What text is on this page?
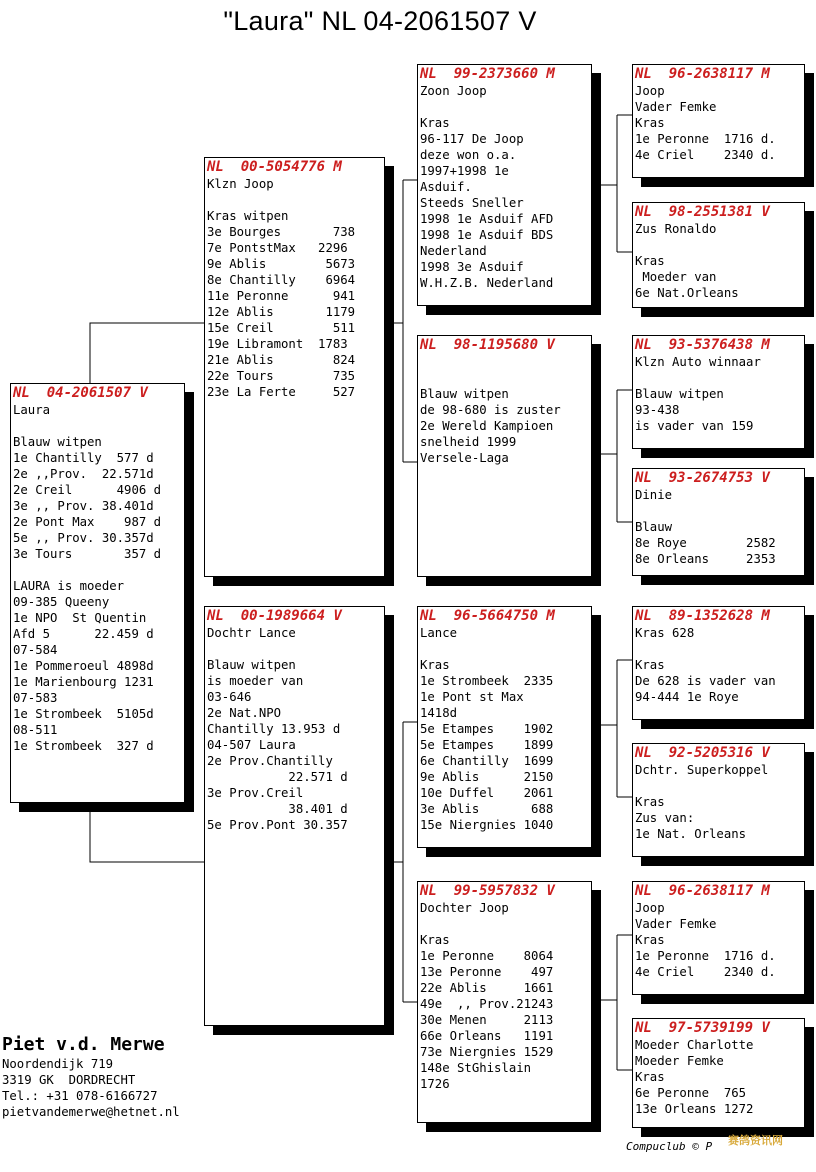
"Laura" NL 04-2061507 V
NL  04-2061507 V
Laura
Blauw witpen
1e Chantilly  577 d
2e ,,Prov.  22.571d
2e Creil      4906 d
3e ,, Prov. 38.401d
2e Pont Max    987 d
5e ,, Prov. 30.357d
3e Tours       357 d
LAURA is moeder
09-385 Queeny
1e NPO  St Quentin
Afd 5      22.459 d
07-584
1e Pommeroeul 4898d
1e Marienbourg 1231
07-583
1e Strombeek  5105d
08-511
1e Strombeek  327 d
NL  00-5054776 M
Klzn Joop
Kras witpen
3e Bourges       738
7e PontstMax   2296
9e Ablis        5673
8e Chantilly    6964
11e Peronne      941
12e Ablis       1179
15e Creil        511
19e Libramont  1783
21e Ablis        824
22e Tours        735
23e La Ferte     527
NL  00-1989664 V
Dochtr Lance
Blauw witpen
is moeder van
03-646
2e Nat.NPO
Chantilly 13.953 d
04-507 Laura
2e Prov.Chantilly
22.571 d
3e Prov.Creil
38.401 d
5e Prov.Pont 30.357
NL  99-2373660 M
Zoon Joop
Kras
96-117 De Joop
deze won o.a.
1997+1998 1e
Asduif.
Steeds Sneller
1998 1e Asduif AFD
1998 1e Asduif BDS
Nederland
1998 3e Asduif
W.H.Z.B. Nederland
NL  98-1195680 V
Blauw witpen
de 98-680 is zuster
2e Wereld Kampioen
snelheid 1999
Versele-Laga
NL  96-5664750 M
Lance
Kras
1e Strombeek  2335
1e Pont st Max
1418d
5e Etampes    1902
5e Etampes    1899
6e Chantilly  1699
9e Ablis      2150
10e Duffel    2061
3e Ablis       688
15e Niergnies 1040
NL  99-5957832 V
Dochter Joop
Kras
1e Peronne    8064
13e Peronne    497
22e Ablis     1661
49e  ,, Prov.21243
30e Menen     2113
66e Orleans   1191
73e Niergnies 1529
148e StGhislain
1726
NL  96-2638117 M
Joop
Vader Femke
Kras
1e Peronne  1716 d.
4e Criel    2340 d.
NL  98-2551381 V
Zus Ronaldo
Kras
Moeder van
6e Nat.Orleans
NL  93-5376438 M
Klzn Auto winnaar
Blauw witpen
93-438
is vader van 159
NL  93-2674753 V
Dinie
Blauw
8e Roye        2582
8e Orleans     2353
NL  89-1352628 M
Kras 628
Kras
De 628 is vader van
94-444 1e Roye
NL  92-5205316 V
Dchtr. Superkoppel
Kras
Zus van:
1e Nat. Orleans
NL  96-2638117 M
Joop
Vader Femke
Kras
1e Peronne  1716 d.
4e Criel    2340 d.
NL  97-5739199 V
Moeder Charlotte
Moeder Femke
Kras
6e Peronne  765
13e Orleans 1272
Piet v.d. Merwe
Noordendijk 719
3319 GK  DORDRECHT
Tel.: +31 078-6166727
pietvandemerwe@hetnet.nl
Compuclub © P 赛鸽资讯网
